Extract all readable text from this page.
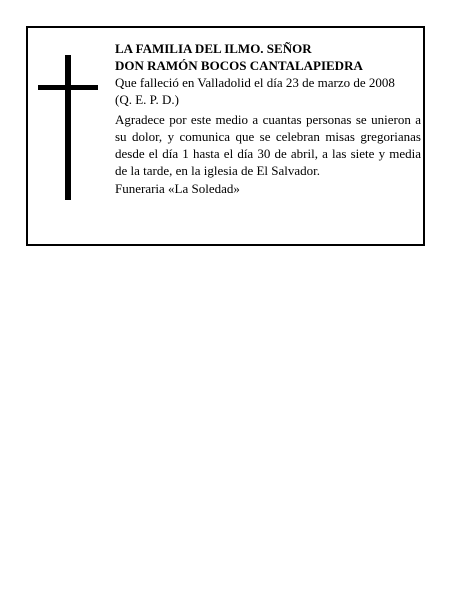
LA FAMILIA DEL ILMO. SEÑOR
DON RAMÓN BOCOS CANTALAPIEDRA
Que falleció en Valladolid el día 23 de marzo de 2008
(Q. E. P. D.)
Agradece por este medio a cuantas personas se unieron a su dolor, y comunica que se celebran misas gregorianas desde el día 1 hasta el día 30 de abril, a las siete y media de la tarde, en la iglesia de El Salvador.
Funeraria «La Soledad»
